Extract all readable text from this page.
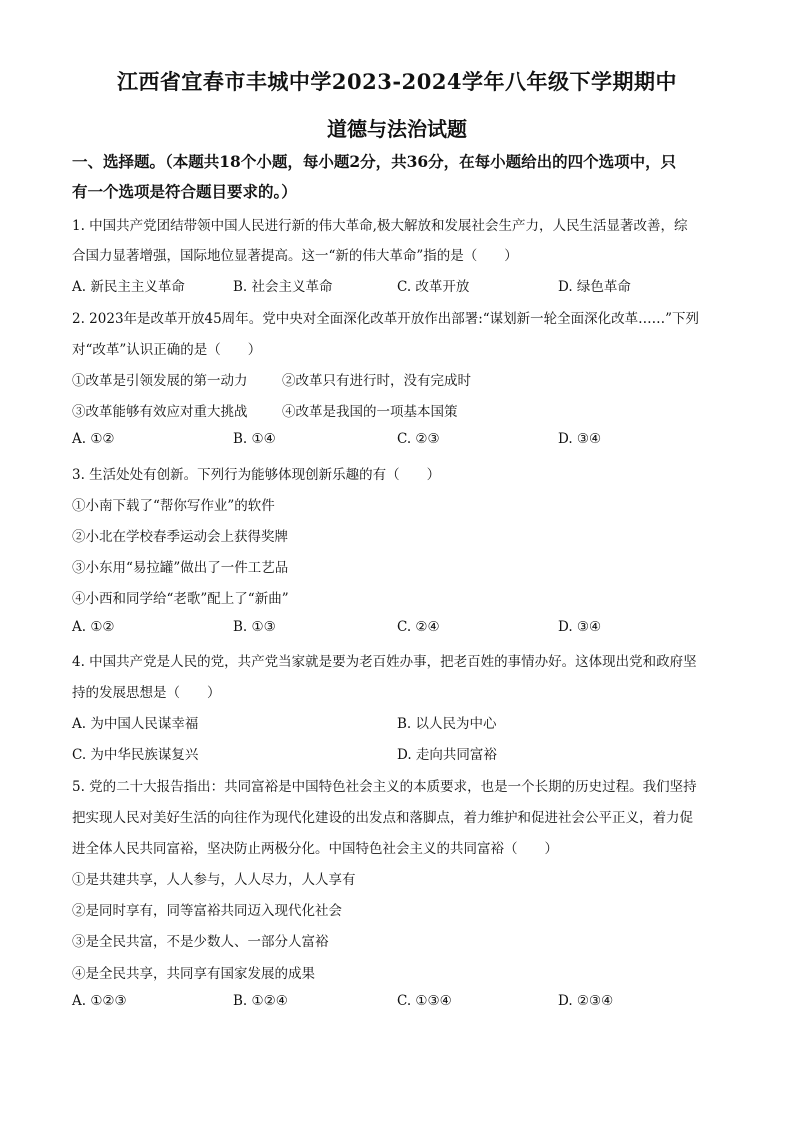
江西省宜春市丰城中学2023-2024学年八年级下学期期中
道德与法治试题
一、选择题。（本题共18个小题，每小题2分，共36分，在每小题给出的四个选项中，只
有一个选项是符合题目要求的。）
1. 中国共产党团结带领中国人民进行新的伟大革命,极大解放和发展社会生产力，人民生活显著改善，综
合国力显著增强，国际地位显著提高。这一“新的伟大革命”指的是（　　）
A. 新民主主义革命	B. 社会主义革命	C. 改革开放	D. 绿色革命
2. 2023年是改革开放45周年。党中央对全面深化改革开放作出部署:“谋划新一轮全面深化改革……”下列
对“改革”认识正确的是（　　）
①改革是引领发展的第一动力	②改革只有进行时，没有完成时
③改革能够有效应对重大挑战	④改革是我国的一项基本国策
A. ①②	B. ①④	C. ②③	D. ③④
3. 生活处处有创新。下列行为能够体现创新乐趣的有（　　）
①小南下载了“帮你写作业”的软件
②小北在学校春季运动会上获得奖牌
③小东用“易拉罐”做出了一件工艺品
④小西和同学给“老歌”配上了“新曲”
A. ①②	B. ①③	C. ②④	D. ③④
4. 中国共产党是人民的党，共产党当家就是要为老百姓办事，把老百姓的事情办好。这体现出党和政府坚
持的发展思想是（　　）
A. 为中国人民谋幸福	B. 以人民为中心
C. 为中华民族谋复兴	D. 走向共同富裕
5. 党的二十大报告指出：共同富裕是中国特色社会主义的本质要求，也是一个长期的历史过程。我们坚持
把实现人民对美好生活的向往作为现代化建设的出发点和落脚点，着力维护和促进社会公平正义，着力促
进全体人民共同富裕，坚决防止两极分化。中国特色社会主义的共同富裕（　　）
①是共建共享，人人参与，人人尽力，人人享有
②是同时享有，同等富裕共同迈入现代化社会
③是全民共富，不是少数人、一部分人富裕
④是全民共享，共同享有国家发展的成果
A. ①②③	B. ①②④	C. ①③④	D. ②③④
